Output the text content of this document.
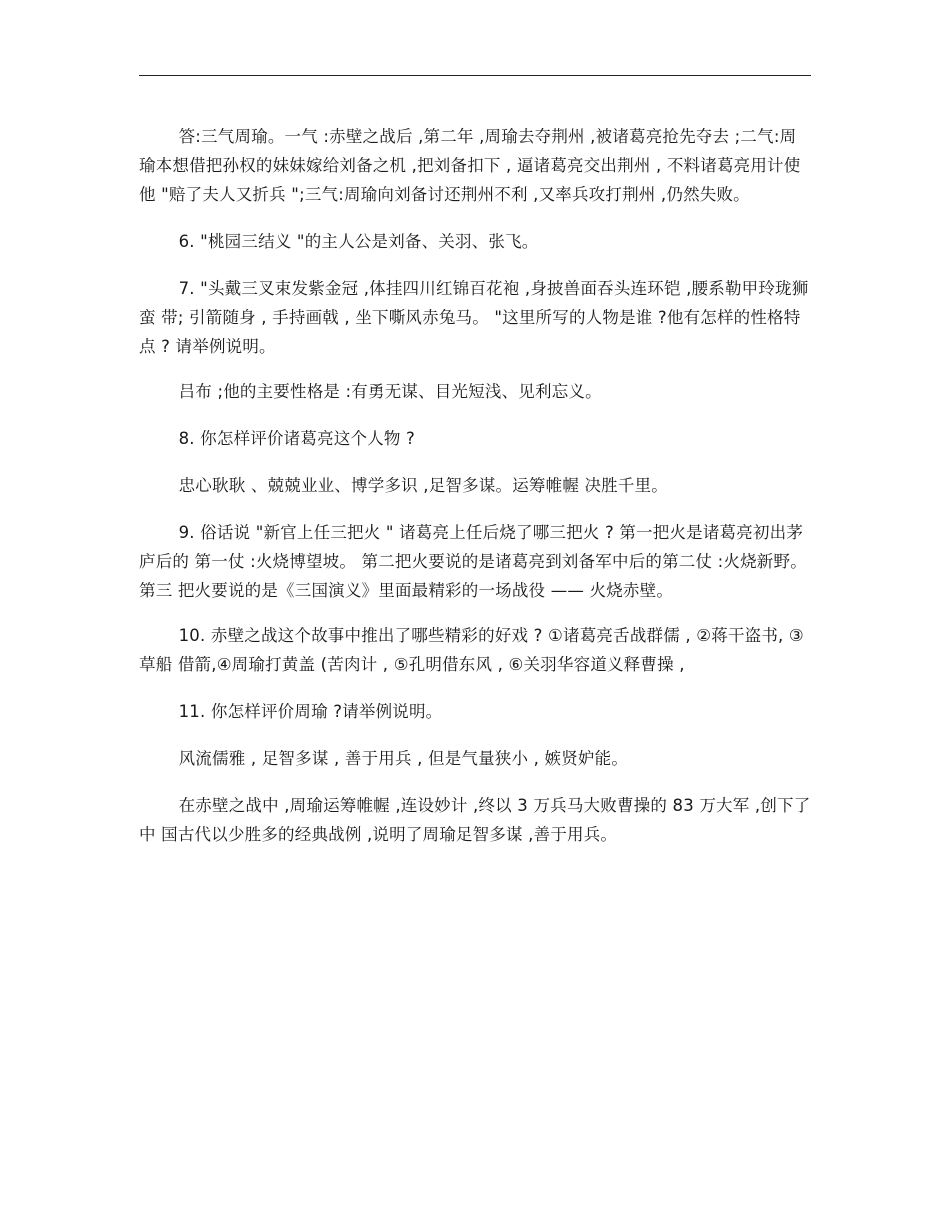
答:三气周瑜。一气 :赤壁之战后 ,第二年 ,周瑜去夺荆州 ,被诸葛亮抢先夺去 ;二气:周 瑜本想借把孙权的妹妹嫁给刘备之机 ,把刘备扣下 , 逼诸葛亮交出荆州 , 不料诸葛亮用计使 他 "赔了夫人又折兵 ";三气:周瑜向刘备讨还荆州不利 ,又率兵攻打荆州 ,仍然失败。

6. "桃园三结义 "的主人公是刘备、关羽、张飞。

7. "头戴三叉束发紫金冠 ,体挂四川红锦百花袍 ,身披兽面吞头连环铠 ,腰系勒甲玲珑狮蛮 带; 引箭随身 , 手持画戟 , 坐下嘶风赤兔马。 "这里所写的人物是谁 ?他有怎样的性格特点 ? 请举例说明。

吕布 ;他的主要性格是 :有勇无谋、目光短浅、见利忘义。

8. 你怎样评价诸葛亮这个人物 ?

忠心耿耿 、兢兢业业、博学多识 ,足智多谋。运筹帷幄 决胜千里。

9. 俗话说 "新官上任三把火 " 诸葛亮上任后烧了哪三把火 ? 第一把火是诸葛亮初出茅庐后的 第一仗 :火烧博望坡。 第二把火要说的是诸葛亮到刘备军中后的第二仗 :火烧新野。 第三 把火要说的是《三国演义》里面最精彩的一场战役 —— 火烧赤壁。

10. 赤壁之战这个故事中推出了哪些精彩的好戏 ? ①诸葛亮舌战群儒 , ②蒋干盗书, ③草船 借箭,④周瑜打黄盖 (苦肉计 , ⑤孔明借东风 , ⑥关羽华容道义释曹操 ,

11. 你怎样评价周瑜 ?请举例说明。

风流儒雅 , 足智多谋 , 善于用兵 , 但是气量狭小 , 嫉贤妒能。

在赤壁之战中 ,周瑜运筹帷幄 ,连设妙计 ,终以 3 万兵马大败曹操的 83 万大军 ,创下了中 国古代以少胜多的经典战例 ,说明了周瑜足智多谋 ,善于用兵。
